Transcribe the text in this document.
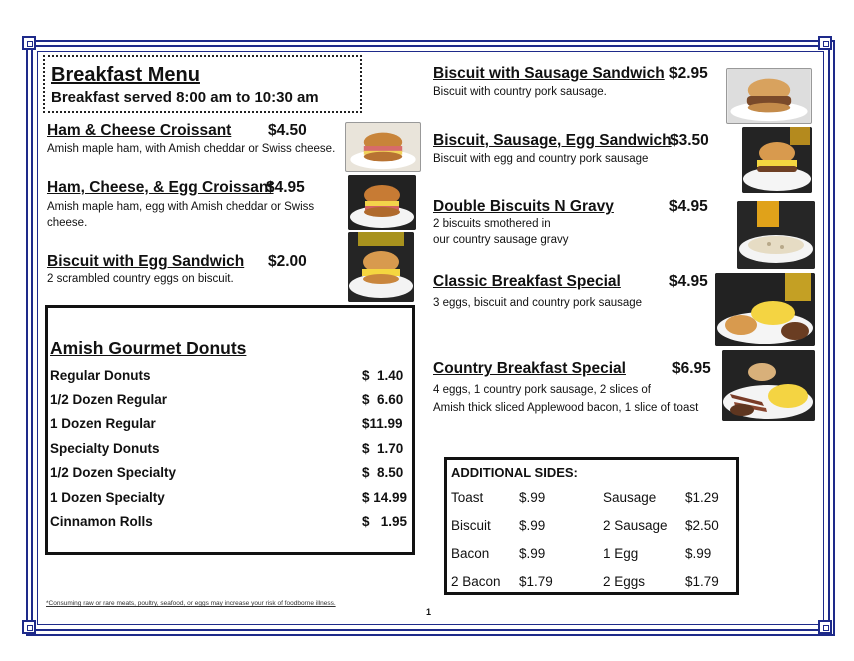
Breakfast Menu
Breakfast served 8:00 am to 10:30 am
Ham & Cheese Croissant $4.50
Amish maple ham, with Amish cheddar or Swiss cheese.
Ham, Cheese, & Egg Croissant
$4.95
Amish maple ham, egg with Amish cheddar or Swiss cheese.
Biscuit with Egg Sandwich $2.00
2 scrambled country eggs on biscuit.
Amish Gourmet Donuts
Regular Donuts	$  1.40
1/2 Dozen Regular	$  6.60
1 Dozen Regular	$11.99
Specialty Donuts	$  1.70
1/2 Dozen Specialty	$  8.50
1 Dozen Specialty	$ 14.99
Cinnamon Rolls	$   1.95
Biscuit with Sausage Sandwich $2.95
Biscuit with country pork sausage.
Biscuit, Sausage, Egg Sandwich
$3.50
Biscuit with egg and country pork sausage
Double Biscuits N Gravy	$4.95
2 biscuits smothered in
our country sausage gravy
Classic Breakfast Special	$4.95
3 eggs, biscuit and country pork sausage
Country Breakfast Special	$6.95
4 eggs, 1 country pork sausage, 2 slices of
Amish thick sliced Applewood bacon, 1 slice of toast
ADDITIONAL SIDES:
Toast	$.99	Sausage $1.29
Biscuit $.99	2 Sausage $2.50
Bacon $.99	1 Egg	$.99
2 Bacon $1.79	2 Eggs	$1.79
*Consuming raw or rare meats, poultry, seafood, or eggs may increase your risk of foodborne illness.
1
